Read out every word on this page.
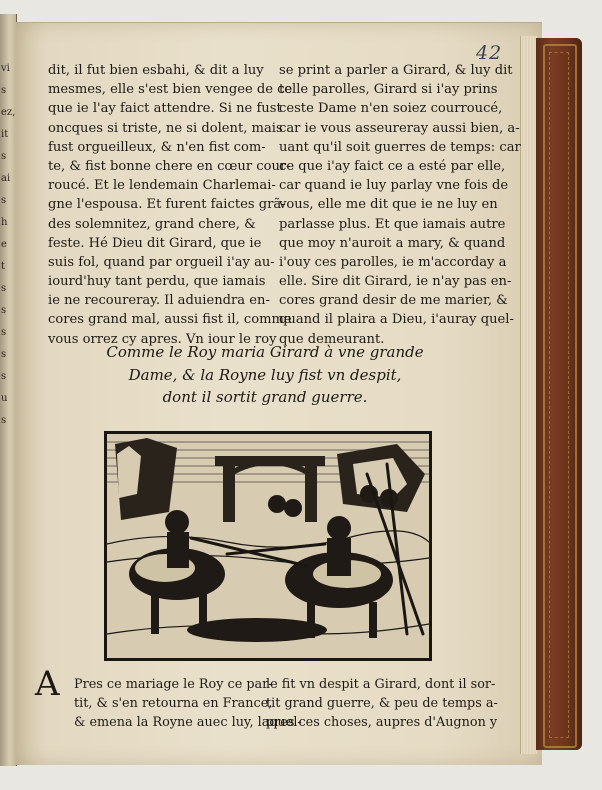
vi
s
ez,
it
s
ai
s
h
e
t
s
s
s
s
s
u
s
42
dit, il fut bien esbahi, & dit a luy
mesmes, elle s'est bien vengee de ce
que ie l'ay faict attendre. Si ne fust
oncques si triste, ne si dolent, mais
fust orgueilleux, & n'en fist com-
te, & fist bonne chere en cœur cour-
roucé. Et le lendemain Charlemai-
gne l'espousa. Et furent faictes grã-
des solemnitez, grand chere, &
feste. Hé Dieu dit Girard, que ie
suis fol, quand par orgueil i'ay au-
iourd'huy tant perdu, que iamais
ie ne recoureray. Il aduiendra en-
cores grand mal, aussi fist il, comme
vous orrez cy apres. Vn iour le roy
se print a parler a Girard, & luy dit
telle parolles, Girard si i'ay prins
ceste Dame n'en soiez courroucé,
car ie vous asseureray aussi bien, a-
uant qu'il soit guerres de temps: car
ce que i'ay faict ce a esté par elle,
car quand ie luy parlay vne fois de
vous, elle me dit que ie ne luy en
parlasse plus. Et que iamais autre
que moy n'auroit a mary, & quand
i'ouy ces parolles, ie m'accorday a
elle. Sire dit Girard, ie n'ay pas en-
cores grand desir de me marier, &
quand il plaira a Dieu, i'auray quel-
que demeurant.
Comme le Roy maria Girard à vne grande
Dame, & la Royne luy fist vn despit,
dont il sortit grand guerre.
A Pres ce mariage le Roy ce par-
tit, & s'en retourna en France,
& emena la Royne auec luy, laquel-
le fit vn despit a Girard, dont il sor-
tit grand guerre, & peu de temps a-
pres ces choses, aupres d'Augnon y
